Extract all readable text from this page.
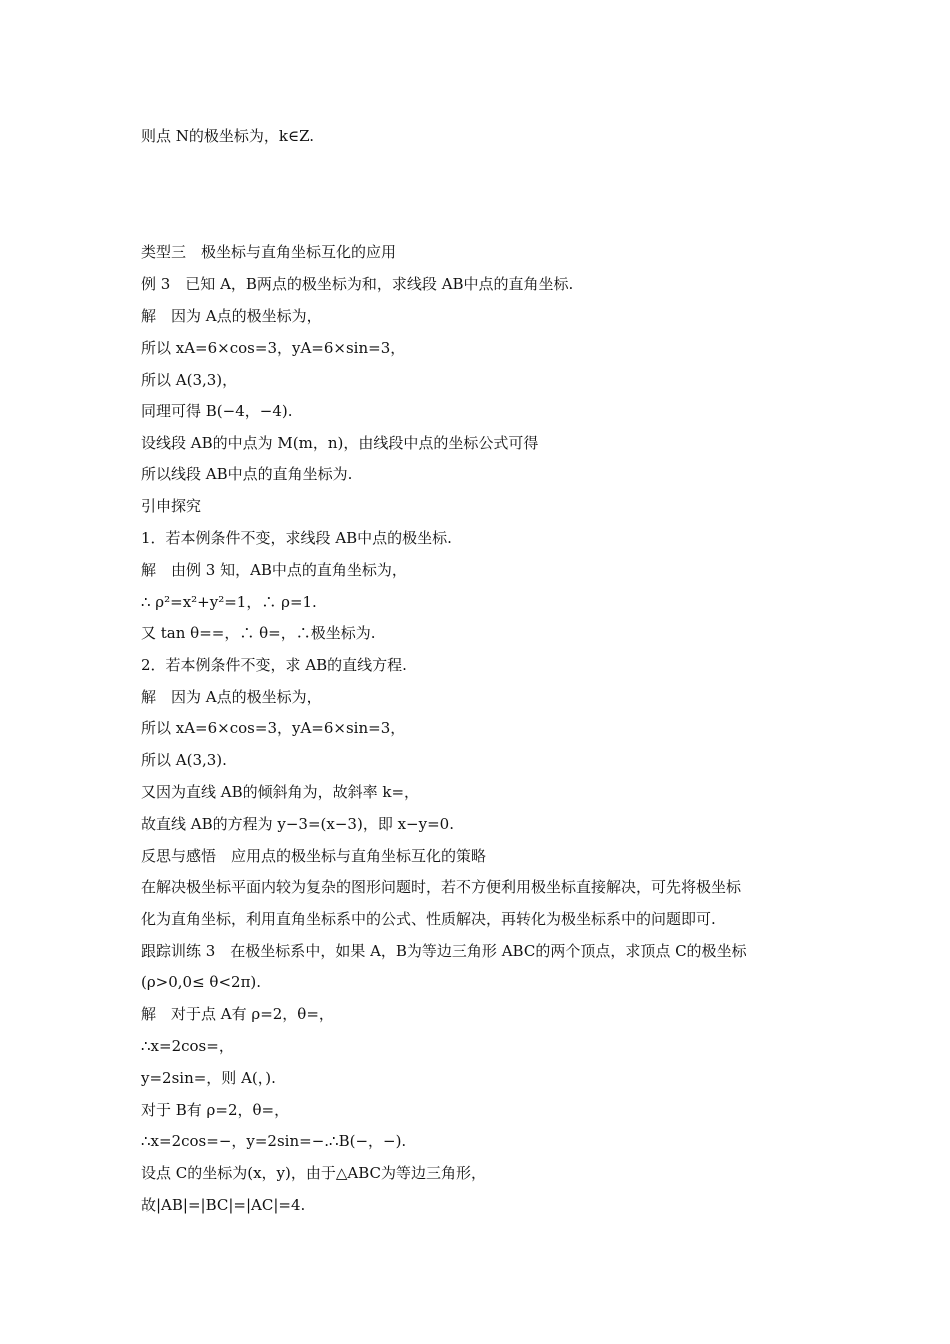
则点 N的极坐标为，k∈Z.
类型三　极坐标与直角坐标互化的应用
例 3　已知 A，B两点的极坐标为和，求线段 AB中点的直角坐标.
解　因为 A点的极坐标为，
所以 xA=6×cos=3，yA=6×sin=3，
所以 A(3,3)，
同理可得 B(−4，−4).
设线段 AB的中点为 M(m，n)，由线段中点的坐标公式可得
所以线段 AB中点的直角坐标为.
引申探究
1．若本例条件不变，求线段 AB中点的极坐标.
解　由例 3 知，AB中点的直角坐标为，
∴ ρ²=x²+y²=1，∴ ρ=1.
又 tan θ==，∴ θ=，∴极坐标为.
2．若本例条件不变，求 AB的直线方程.
解　因为 A点的极坐标为，
所以 xA=6×cos=3，yA=6×sin=3，
所以 A(3,3).
又因为直线 AB的倾斜角为，故斜率 k=，
故直线 AB的方程为 y−3=(x−3)，即 x−y=0.
反思与感悟　应用点的极坐标与直角坐标互化的策略
在解决极坐标平面内较为复杂的图形问题时，若不方便利用极坐标直接解决，可先将极坐标
化为直角坐标，利用直角坐标系中的公式、性质解决，再转化为极坐标系中的问题即可.
跟踪训练 3　在极坐标系中，如果 A，B为等边三角形 ABC的两个顶点，求顶点 C的极坐标
(ρ>0,0≤ θ<2π).
解　对于点 A有 ρ=2，θ=，
∴x=2cos=，
y=2sin=，则 A(，).
对于 B有 ρ=2，θ=，
∴x=2cos=−，y=2sin=−.∴B(−，−).
设点 C的坐标为(x，y)，由于△ABC为等边三角形，
故|AB|=|BC|=|AC|=4.
